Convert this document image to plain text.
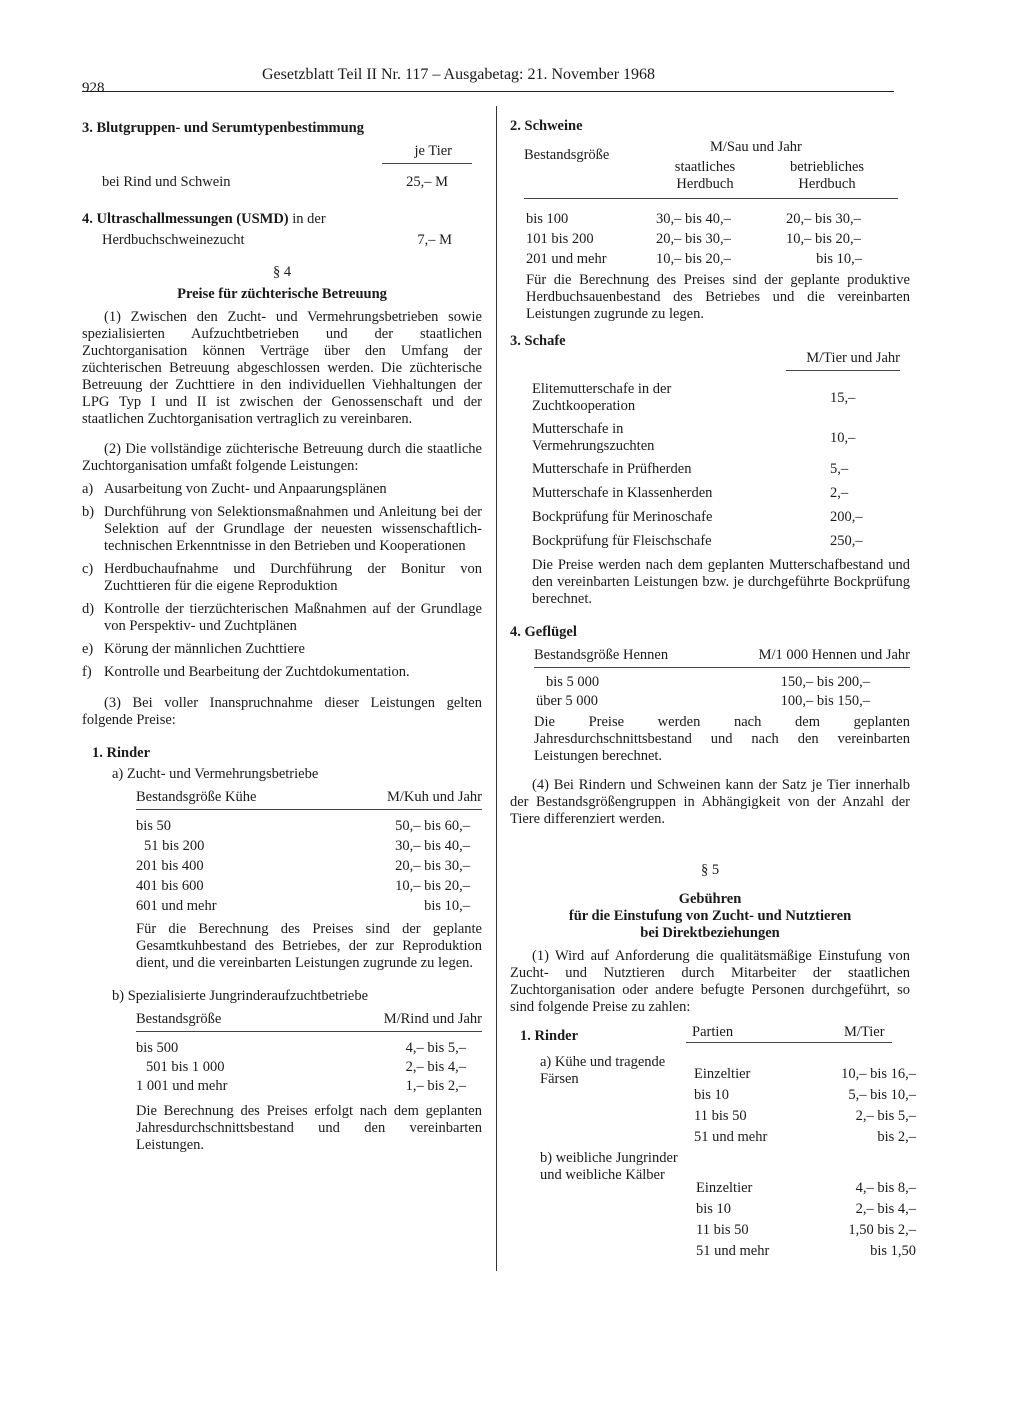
928
Gesetzblatt Teil II Nr. 117 – Ausgabetag: 21. November 1968
3. Blutgruppen- und Serumtypenbestimmung
je Tier
bei Rind und Schwein	25,– M
4. Ultraschallmessungen (USMD) in der
Herdbuchschweinezucht	7,– M
§ 4
Preise für züchterische Betreuung

(1) Zwischen den Zucht- und Vermehrungsbetrieben sowie spezialisierten Aufzuchtbetrieben und der staatlichen Zuchtorganisation können Verträge über den Umfang der züchterischen Betreuung abgeschlossen werden. Die züchterische Betreuung der Zuchttiere in den individuellen Viehhaltungen der LPG Typ I und II ist zwischen der Genossenschaft und der staatlichen Zuchtorganisation vertraglich zu vereinbaren.

(2) Die vollständige züchterische Betreuung durch die staatliche Zuchtorganisation umfaßt folgende Leistungen:

a) Ausarbeitung von Zucht- und Anpaarungsplänen
b) Durchführung von Selektionsmaßnahmen und Anleitung bei der Selektion auf der Grundlage der neuesten wissenschaftlich-technischen Erkenntnisse in den Betrieben und Kooperationen
c) Herdbuchaufnahme und Durchführung der Bonitur von Zuchttieren für die eigene Reproduktion
d) Kontrolle der tierzüchterischen Maßnahmen auf der Grundlage von Perspektiv- und Zuchtplänen
e) Körung der männlichen Zuchttiere
f) Kontrolle und Bearbeitung der Zuchtdokumentation.

(3) Bei voller Inanspruchnahme dieser Leistungen gelten folgende Preise:

1. Rinder
a) Zucht- und Vermehrungsbetriebe
Bestandsgröße Kühe	M/Kuh und Jahr
bis 50	50,– bis 60,–
51 bis 200	30,– bis 40,–
201 bis 400	20,– bis 30,–
401 bis 600	10,– bis 20,–
601 und mehr	bis 10,–

Für die Berechnung des Preises sind der geplante Gesamtkuhbestand des Betriebes, der zur Reproduktion dient, und die vereinbarten Leistungen zugrunde zu legen.

b) Spezialisierte Jungrinderaufzuchtbetriebe
Bestandsgröße	M/Rind und Jahr
bis 500	4,– bis 5,–
501 bis 1 000	2,– bis 4,–
1 001 und mehr	1,– bis 2,–

Die Berechnung des Preises erfolgt nach dem geplanten Jahresdurchschnittsbestand und den vereinbarten Leistungen.

2. Schweine
Bestandsgröße	M/Sau und Jahr
staatliches Herdbuch
betriebliches Herdbuch
bis 100	30,– bis 40,–	20,– bis 30,–
101 bis 200	20,– bis 30,–	10,– bis 20,–
201 und mehr	10,– bis 20,–	bis 10,–

Für die Berechnung des Preises sind der geplante produktive Herdbuchsauenbestand des Betriebes und die vereinbarten Leistungen zugrunde zu legen.

3. Schafe
M/Tier und Jahr
Elitemutterschafe in der Zuchtkooperation
15,–
Mutterschafe in Vermehrungszuchten
10,–
Mutterschafe in Prüfherden	5,–
Mutterschafe in Klassenherden	2,–
Bockprüfung für Merinoschafe	200,–
Bockprüfung für Fleischschafe	250,–

Die Preise werden nach dem geplanten Mutterschafbestand und den vereinbarten Leistungen bzw. je durchgeführte Bockprüfung berechnet.

4. Geflügel
Bestandsgröße Hennen	M/1 000 Hennen und Jahr
bis 5 000	150,– bis 200,–
über 5 000	100,– bis 150,–

Die Preise werden nach dem geplanten Jahresdurchschnittsbestand und nach den vereinbarten Leistungen berechnet.

(4) Bei Rindern und Schweinen kann der Satz je Tier innerhalb der Bestandsgrößengruppen in Abhängigkeit von der Anzahl der Tiere differenziert werden.

§ 5
Gebühren
für die Einstufung von Zucht- und Nutztieren
bei Direktbeziehungen

(1) Wird auf Anforderung die qualitätsmäßige Einstufung von Zucht- und Nutztieren durch Mitarbeiter der staatlichen Zuchtorganisation oder andere befugte Personen durchgeführt, so sind folgende Preise zu zahlen:

1. Rinder	Partien	M/Tier
a) Kühe und tragende Färsen	Einzeltier	10,– bis 16,–
bis 10	5,– bis 10,–
11 bis 50	2,– bis 5,–
51 und mehr	bis 2,–
b) weibliche Jungrinder und weibliche Kälber
Einzeltier	4,– bis 8,–
bis 10	2,– bis 4,–
11 bis 50	1,50 bis 2,–
51 und mehr	bis 1,50
